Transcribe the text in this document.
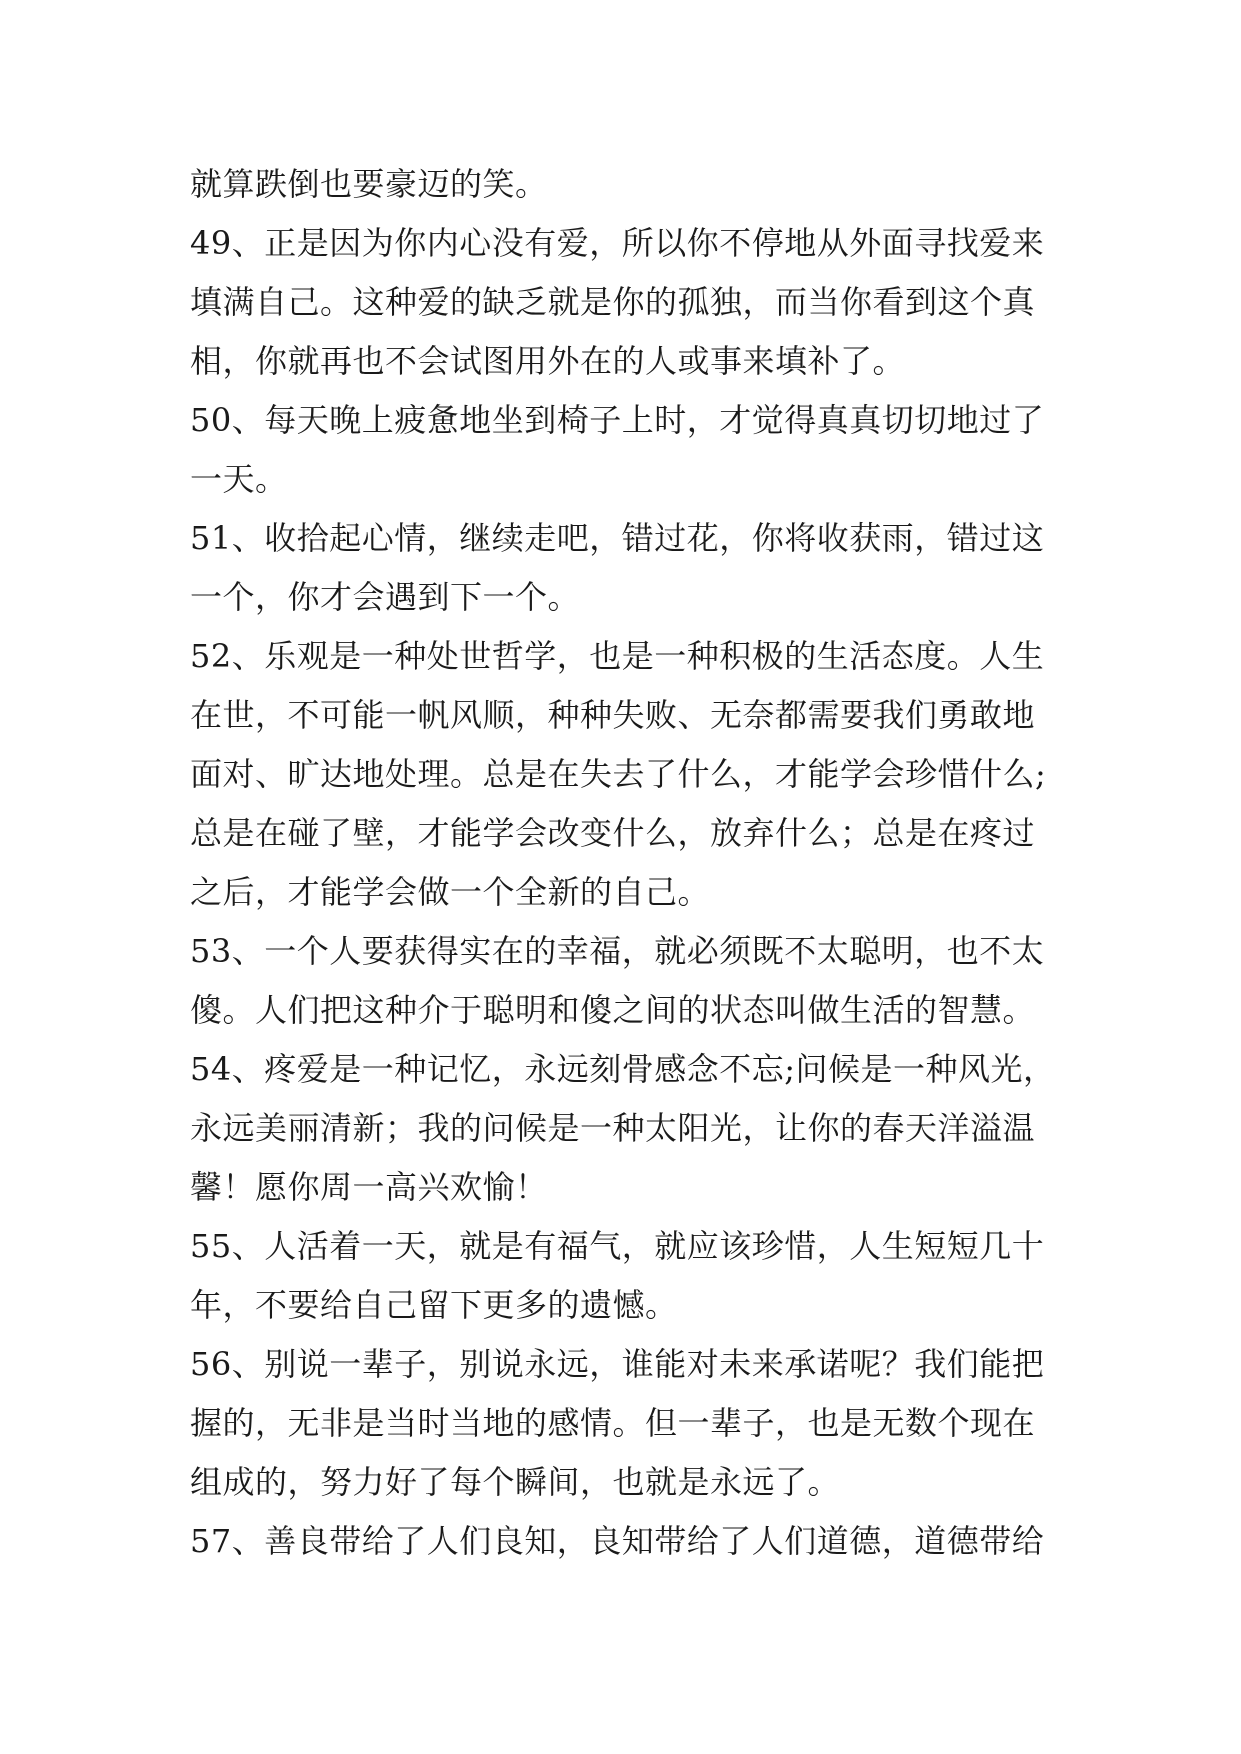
就算跌倒也要豪迈的笑。
49、正是因为你内心没有爱，所以你不停地从外面寻找爱来
填满自己。这种爱的缺乏就是你的孤独，而当你看到这个真
相，你就再也不会试图用外在的人或事来填补了。
50、每天晚上疲惫地坐到椅子上时，才觉得真真切切地过了
一天。
51、收拾起心情，继续走吧，错过花，你将收获雨，错过这
一个，你才会遇到下一个。
52、乐观是一种处世哲学，也是一种积极的生活态度。人生
在世，不可能一帆风顺，种种失败、无奈都需要我们勇敢地
面对、旷达地处理。总是在失去了什么，才能学会珍惜什么;
总是在碰了壁，才能学会改变什么，放弃什么；总是在疼过
之后，才能学会做一个全新的自己。
53、一个人要获得实在的幸福，就必须既不太聪明，也不太
傻。人们把这种介于聪明和傻之间的状态叫做生活的智慧。
54、疼爱是一种记忆，永远刻骨感念不忘;问候是一种风光，
永远美丽清新；我的问候是一种太阳光，让你的春天洋溢温
馨！愿你周一高兴欢愉！
55、人活着一天，就是有福气，就应该珍惜，人生短短几十
年，不要给自己留下更多的遗憾。
56、别说一辈子，别说永远，谁能对未来承诺呢？我们能把
握的，无非是当时当地的感情。但一辈子，也是无数个现在
组成的，努力好了每个瞬间，也就是永远了。
57、善良带给了人们良知，良知带给了人们道德，道德带给
